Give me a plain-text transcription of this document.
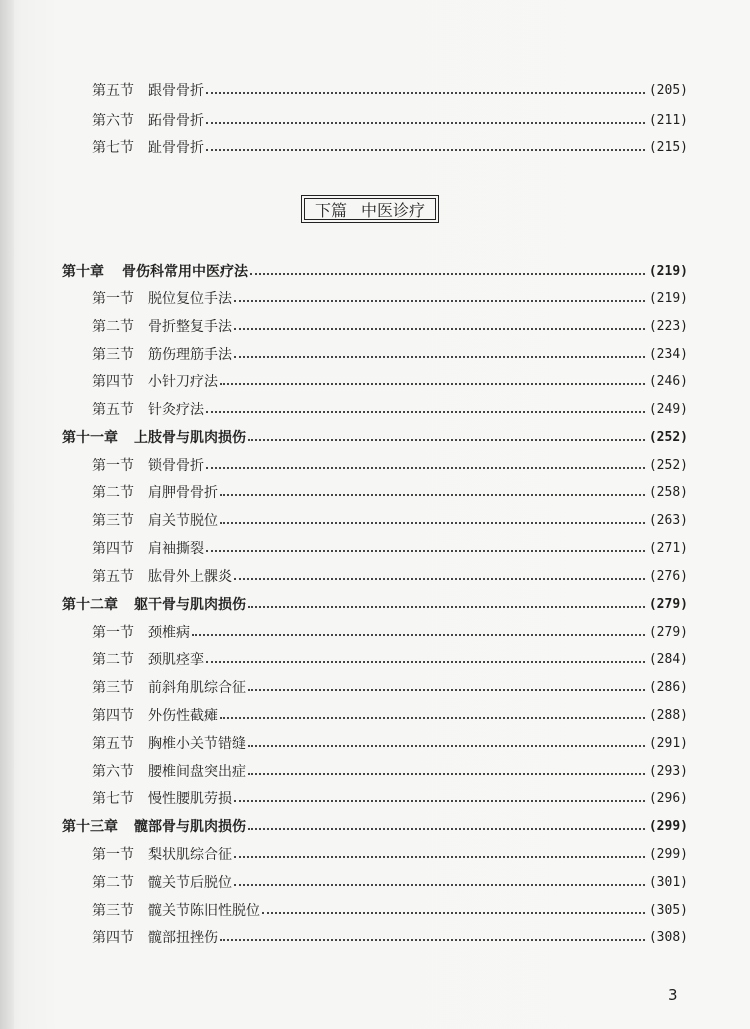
下篇 中医诊疗
第五节 跟骨骨折	(205)
第六节 跖骨骨折	(211)
第七节 趾骨骨折	(215)
第十章 骨伤科常用中医疗法	(219)
第一节 脱位复位手法	(219)
第二节 骨折整复手法	(223)
第三节 筋伤理筋手法	(234)
第四节 小针刀疗法	(246)
第五节 针灸疗法	(249)
第十一章 上肢骨与肌肉损伤	(252)
第一节 锁骨骨折	(252)
第二节 肩胛骨骨折	(258)
第三节 肩关节脱位	(263)
第四节 肩袖撕裂	(271)
第五节 肱骨外上髁炎	(276)
第十二章 躯干骨与肌肉损伤	(279)
第一节 颈椎病	(279)
第二节 颈肌痉挛	(284)
第三节 前斜角肌综合征	(286)
第四节 外伤性截瘫	(288)
第五节 胸椎小关节错缝	(291)
第六节 腰椎间盘突出症	(293)
第七节 慢性腰肌劳损	(296)
第十三章 髋部骨与肌肉损伤	(299)
第一节 梨状肌综合征	(299)
第二节 髋关节后脱位	(301)
第三节 髋关节陈旧性脱位	(305)
第四节 髋部扭挫伤	(308)
3
